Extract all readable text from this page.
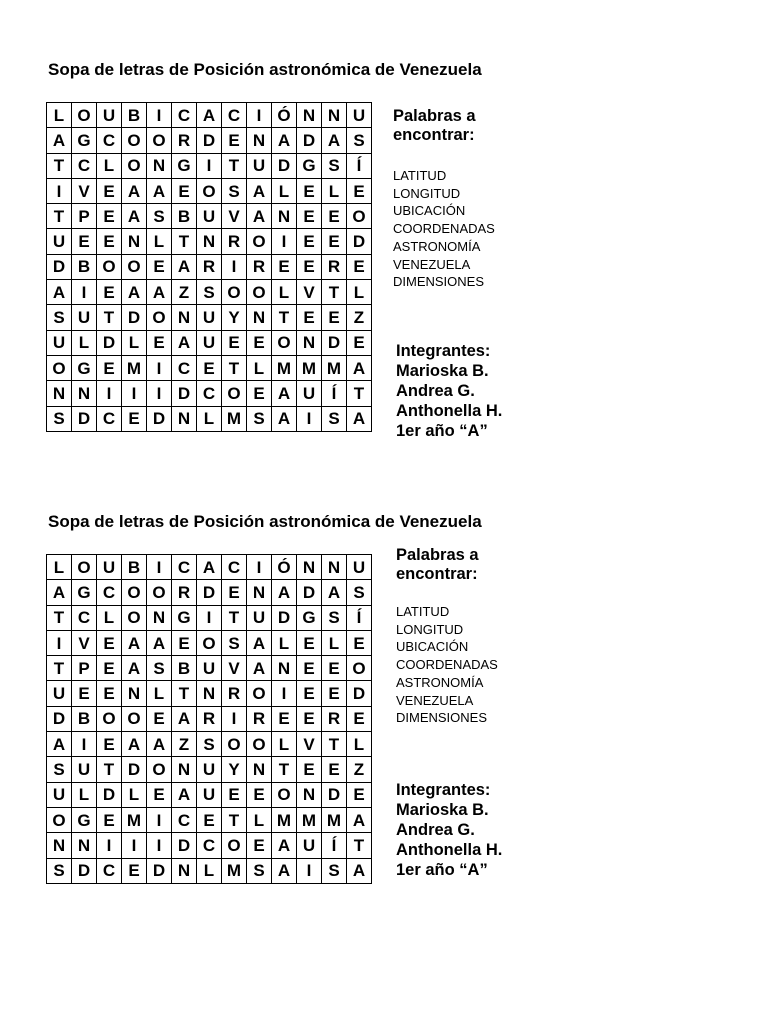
Sopa de letras de Posición astronómica de Venezuela
L	O	U	B	I	C	A	C	I	Ó	N	N	U
A	G	C	O	O	R	D	E	N	A	D	A	S
T	C	L	O	N	G	I	T	U	D	G	S	Í
I	V	E	A	A	E	O	S	A	L	E	L	E
T	P	E	A	S	B	U	V	A	N	E	E	O
U	E	E	N	L	T	N	R	O	I	E	E	D
D	B	O	O	E	A	R	I	R	E	E	R	E
A	I	E	A	A	Z	S	O	O	L	V	T	L
S	U	T	D	O	N	U	Y	N	T	E	E	Z
U	L	D	L	E	A	U	E	E	O	N	D	E
O	G	E	M	I	C	E	T	L	M	M	M	A
N	N	I	I	I	D	C	O	E	A	U	Í	T
S	D	C	E	D	N	L	M	S	A	I	S	A
Palabras a encontrar:
LATITUD
LONGITUD
UBICACIÓN
COORDENADAS
ASTRONOMÍA
VENEZUELA
DIMENSIONES
Integrantes:
Marioska B.
Andrea G.
Anthonella H.
1er año “A”
Sopa de letras de Posición astronómica de Venezuela
L	O	U	B	I	C	A	C	I	Ó	N	N	U
A	G	C	O	O	R	D	E	N	A	D	A	S
T	C	L	O	N	G	I	T	U	D	G	S	Í
I	V	E	A	A	E	O	S	A	L	E	L	E
T	P	E	A	S	B	U	V	A	N	E	E	O
U	E	E	N	L	T	N	R	O	I	E	E	D
D	B	O	O	E	A	R	I	R	E	E	R	E
A	I	E	A	A	Z	S	O	O	L	V	T	L
S	U	T	D	O	N	U	Y	N	T	E	E	Z
U	L	D	L	E	A	U	E	E	O	N	D	E
O	G	E	M	I	C	E	T	L	M	M	M	A
N	N	I	I	I	D	C	O	E	A	U	Í	T
S	D	C	E	D	N	L	M	S	A	I	S	A
Palabras a encontrar:
LATITUD
LONGITUD
UBICACIÓN
COORDENADAS
ASTRONOMÍA
VENEZUELA
DIMENSIONES
Integrantes:
Marioska B.
Andrea G.
Anthonella H.
1er año “A”
